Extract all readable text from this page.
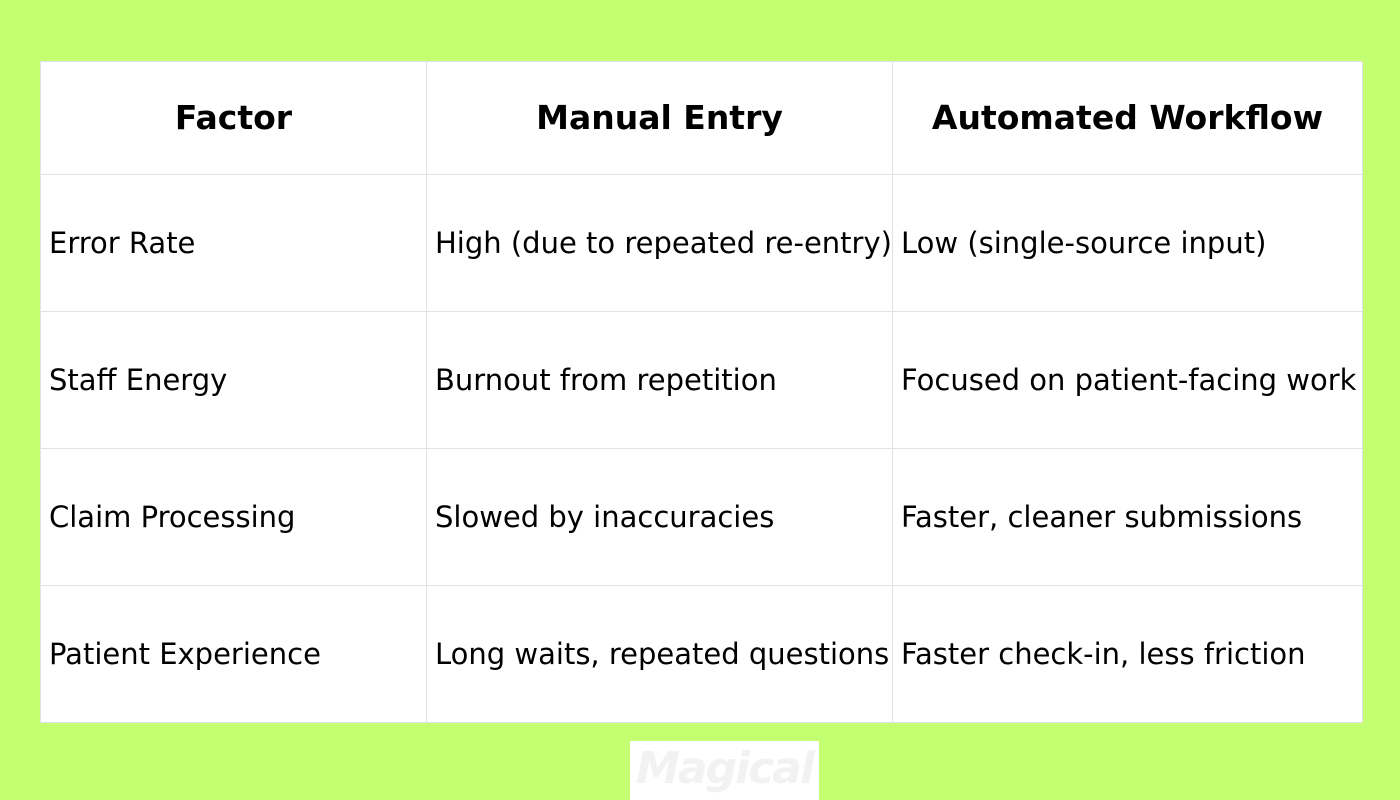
Factor	Manual Entry	Automated Workflow
Error Rate	High (due to repeated re-entry)	Low (single-source input)
Staff Energy	Burnout from repetition	Focused on patient-facing work
Claim Processing	Slowed by inaccuracies	Faster, cleaner submissions
Patient Experience	Long waits, repeated questions	Faster check-in, less friction
Magical
